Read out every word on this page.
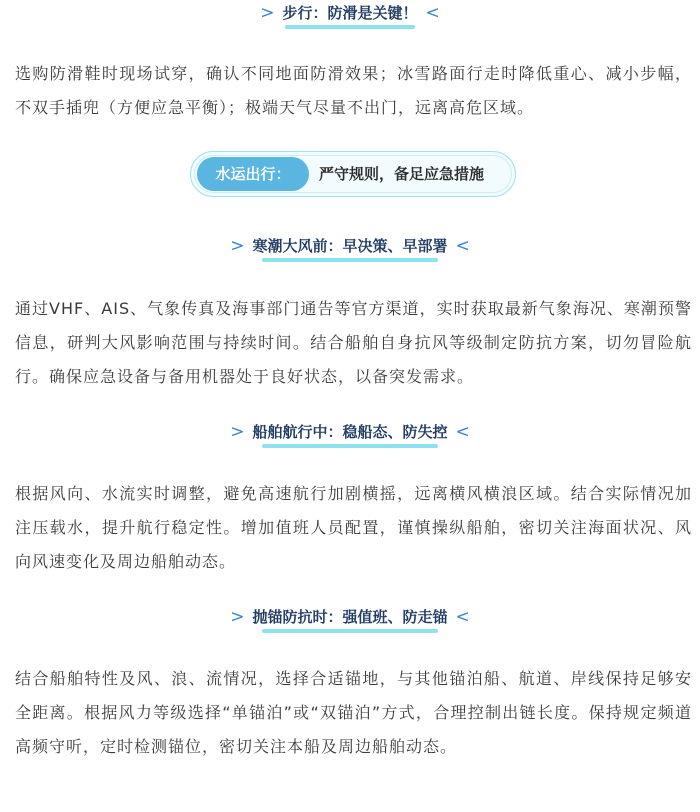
> 步行：防滑是关键！ <

选购防滑鞋时现场试穿，确认不同地面防滑效果；冰雪路面行走时降低重心、减小步幅，不双手插兜（方便应急平衡）；极端天气尽量不出门，远离高危区域。

水运出行：	严守规则，备足应急措施
> 寒潮大风前：早决策、早部署 <

通过VHF、AIS、气象传真及海事部门通告等官方渠道，实时获取最新气象海况、寒潮预警信息，研判大风影响范围与持续时间。结合船舶自身抗风等级制定防抗方案，切勿冒险航行。确保应急设备与备用机器处于良好状态，以备突发需求。

> 船舶航行中：稳船态、防失控 <

根据风向、水流实时调整，避免高速航行加剧横摇，远离横风横浪区域。结合实际情况加注压载水，提升航行稳定性。增加值班人员配置，谨慎操纵船舶，密切关注海面状况、风向风速变化及周边船舶动态。

> 抛锚防抗时：强值班、防走锚 <

结合船舶特性及风、浪、流情况，选择合适锚地，与其他锚泊船、航道、岸线保持足够安全距离。根据风力等级选择“单锚泊”或“双锚泊”方式，合理控制出链长度。保持规定频道高频守听，定时检测锚位，密切关注本船及周边船舶动态。
